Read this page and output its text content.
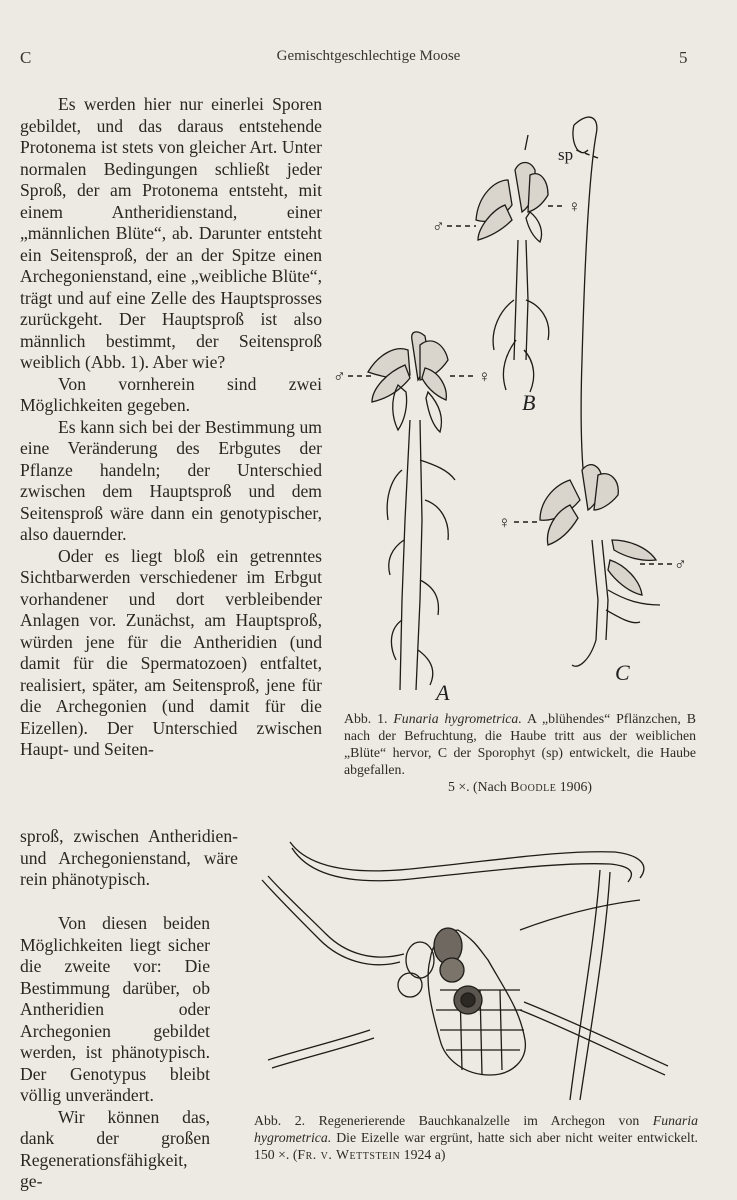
C	Gemischtgeschlechtige Moose	5

Es werden hier nur einerlei Sporen gebildet, und das daraus entstehende Protonema ist stets von gleicher Art. Unter normalen Bedingungen schließt jeder Sproß, der am Protonema entsteht, mit einem Antheridienstand, einer „männlichen Blüte“, ab. Darunter entsteht ein Seitensproß, der an der Spitze einen Archegonienstand, eine „weibliche Blüte“, trägt und auf eine Zelle des Hauptsprosses zurückgeht. Der Hauptsproß ist also männlich bestimmt, der Seitensproß weiblich (Abb. 1). Aber wie?

Von vornherein sind zwei Möglichkeiten gegeben.

Es kann sich bei der Bestimmung um eine Veränderung des Erbgutes der Pflanze handeln; der Unterschied zwischen dem Hauptsproß und dem Seitensproß wäre dann ein genotypischer, also dauernder.

Oder es liegt bloß ein getrenntes Sichtbarwerden verschiedener im Erbgut vorhandener und dort verbleibender Anlagen vor. Zunächst, am Hauptsproß, würden jene für die Antheridien (und damit für die Spermatozoen) entfaltet, realisiert, später, am Seitensproß, jene für die Archegonien (und damit für die Eizellen). Der Unterschied zwischen Haupt- und Seiten-

sproß, zwischen Antheridien- und Archegonienstand, wäre rein phänotypisch.

Von diesen beiden Möglichkeiten liegt sicher die zweite vor: Die Bestimmung darüber, ob Antheridien oder Archegonien gebildet werden, ist phänotypisch. Der Genotypus bleibt völlig unverändert.

Wir können das, dank der großen Regenerationsfähigkeit, ge-

♂	♀
♂
♀
sp
♀
♂
A
B
C
Abb. 1. Funaria hygrometrica. A „blühendes“ Pflänzchen, B nach der Befruchtung, die Haube tritt aus der weiblichen „Blüte“ hervor, C der Sporophyt (sp) entwickelt, die Haube abgefallen.
5 ×. (Nach Boodle 1906)
Abb. 2. Regenerierende Bauchkanalzelle im Archegon von Funaria hygrometrica. Die Eizelle war ergrünt, hatte sich aber nicht weiter entwickelt. 150 ×. (Fr. v. Wettstein 1924 a)
